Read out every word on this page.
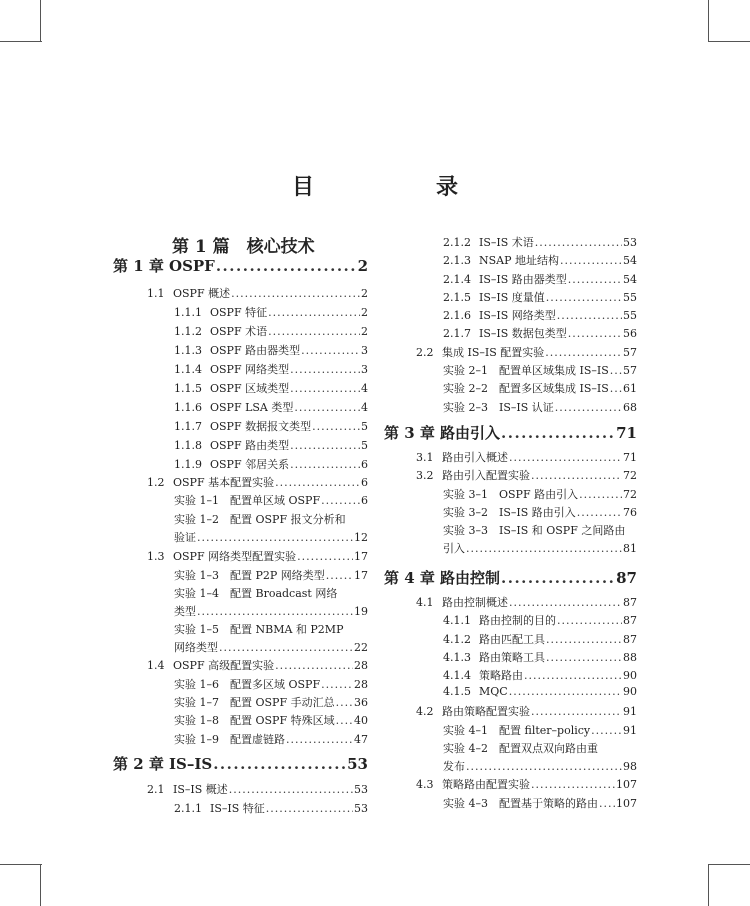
目　录
第 1 篇　核心技术
第 1 章 OSPF .....	2
1.1 OSPF 概述 .....	2
1.1.1 OSPF 特征 .....	2
1.1.2 OSPF 术语 .....	2
1.1.3 OSPF 路由器类型 .....	3
1.1.4 OSPF 网络类型 .....	3
1.1.5 OSPF 区域类型 .....	4
1.1.6 OSPF LSA 类型 .....	4
1.1.7 OSPF 数据报文类型 .....	5
1.1.8 OSPF 路由类型 .....	5
1.1.9 OSPF 邻居关系 .....	6
1.2 OSPF 基本配置实验 .....	6
实验 1–1	配置单区域 OSPF .....	6
实验 1–2	配置 OSPF 报文分析和
验证 .....	12
1.3 OSPF 网络类型配置实验 .....	17
实验 1–3	配置 P2P 网络类型 .....	17
实验 1–4	配置 Broadcast 网络
类型 .....	19
实验 1–5	配置 NBMA 和 P2MP
网络类型 .....	22
1.4 OSPF 高级配置实验 .....	28
实验 1–6	配置多区域 OSPF .....	28
实验 1–7	配置 OSPF 手动汇总 ..... 36
实验 1–8	配置 OSPF 特殊区域 ..... 40
实验 1–9	配置虚链路 .....	47
第 2 章 IS–IS .....	53
2.1 IS–IS 概述 .....	53
2.1.1 IS–IS 特征 .....	53
2.1.2 IS–IS 术语 .....	53
2.1.3 NSAP 地址结构 .....	54
2.1.4 IS–IS 路由器类型 .....	54
2.1.5 IS–IS 度量值 .....	55
2.1.6 IS–IS 网络类型 .....	55
2.1.7 IS–IS 数据包类型 .....	56
2.2 集成 IS–IS 配置实验 .....	57
实验 2–1	配置单区域集成 IS–IS ..... 57
实验 2–2	配置多区域集成 IS–IS ..... 61
实验 2–3	IS–IS 认证 .....	68
第 3 章 路由引入 .....	71
3.1 路由引入概述 .....	71
3.2 路由引入配置实验 .....	72
实验 3–1	OSPF 路由引入 .....	72
实验 3–2	IS–IS 路由引入 .....	76
实验 3–3	IS–IS 和 OSPF 之间路由
引入 .....	81
第 4 章 路由控制 .....	87
4.1 路由控制概述 .....	87
4.1.1 路由控制的目的 .....	87
4.1.2 路由匹配工具 .....	87
4.1.3 路由策略工具 .....	88
4.1.4 策略路由 .....	90
4.1.5 MQC .....	90
4.2 路由策略配置实验 .....	91
实验 4–1	配置 filter–policy .....	91
实验 4–2	配置双点双向路由重
发布 .....	98
4.3 策略路由配置实验 .....	107
实验 4–3	配置基于策略的路由 ..... 107
